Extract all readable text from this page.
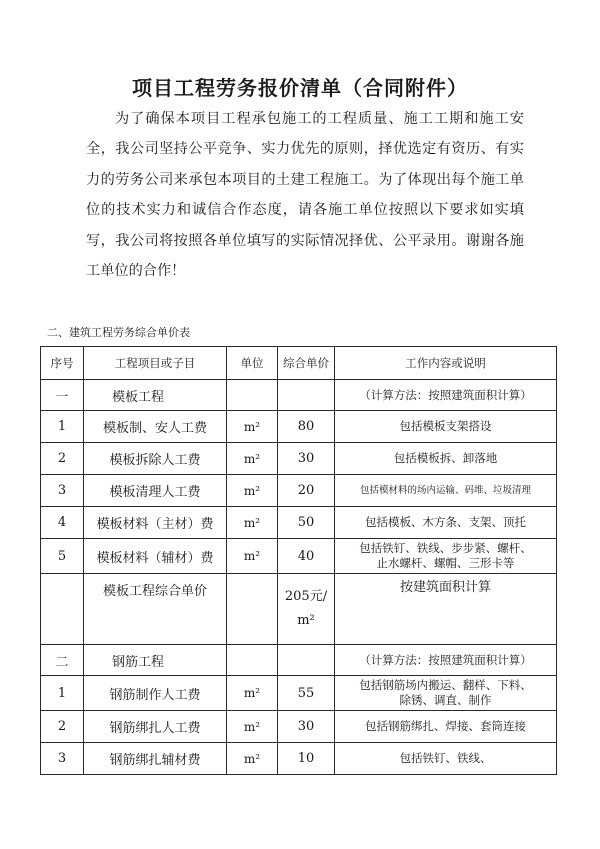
项目工程劳务报价清单（合同附件）

为了确保本项目工程承包施工的工程质量、施工工期和施工安全，我公司坚持公平竞争、实力优先的原则，择优选定有资历、有实力的劳务公司来承包本项目的土建工程施工。为了体现出每个施工单位的技术实力和诚信合作态度，请各施工单位按照以下要求如实填写，我公司将按照各单位填写的实际情况择优、公平录用。谢谢各施工单位的合作！

二、建筑工程劳务综合单价表

序号	工程项目或子目	单位	综合单价	工作内容或说明
一	模板工程			（计算方法：按照建筑面积计算）
1	模板制、安人工费	m²	80	包括模板支架搭设
2	模板拆除人工费	m²	30	包括模板拆、卸落地
3	模板清理人工费	m²	20	包括模材料的场内运输、码堆、垃圾清理
4	模板材料（主材）费	m²	50	包括模板、木方条、支架、顶托
5	模板材料（辅材）费	m²	40	包括铁钉、铁线、步步紧、螺杆、
止水螺杆、螺帽、三形卡等

	模板工程综合单价		205元/
m²	按建筑面积计算
二	钢筋工程			（计算方法：按照建筑面积计算）
1	钢筋制作人工费	m²	55	包括钢筋场内搬运、翻样、下料、
除锈、调直、制作

2	钢筋绑扎人工费	m²	30	包括钢筋绑扎、焊接、套筒连接
3	钢筋绑扎辅材费	m²	10	包括铁钉、铁线、
